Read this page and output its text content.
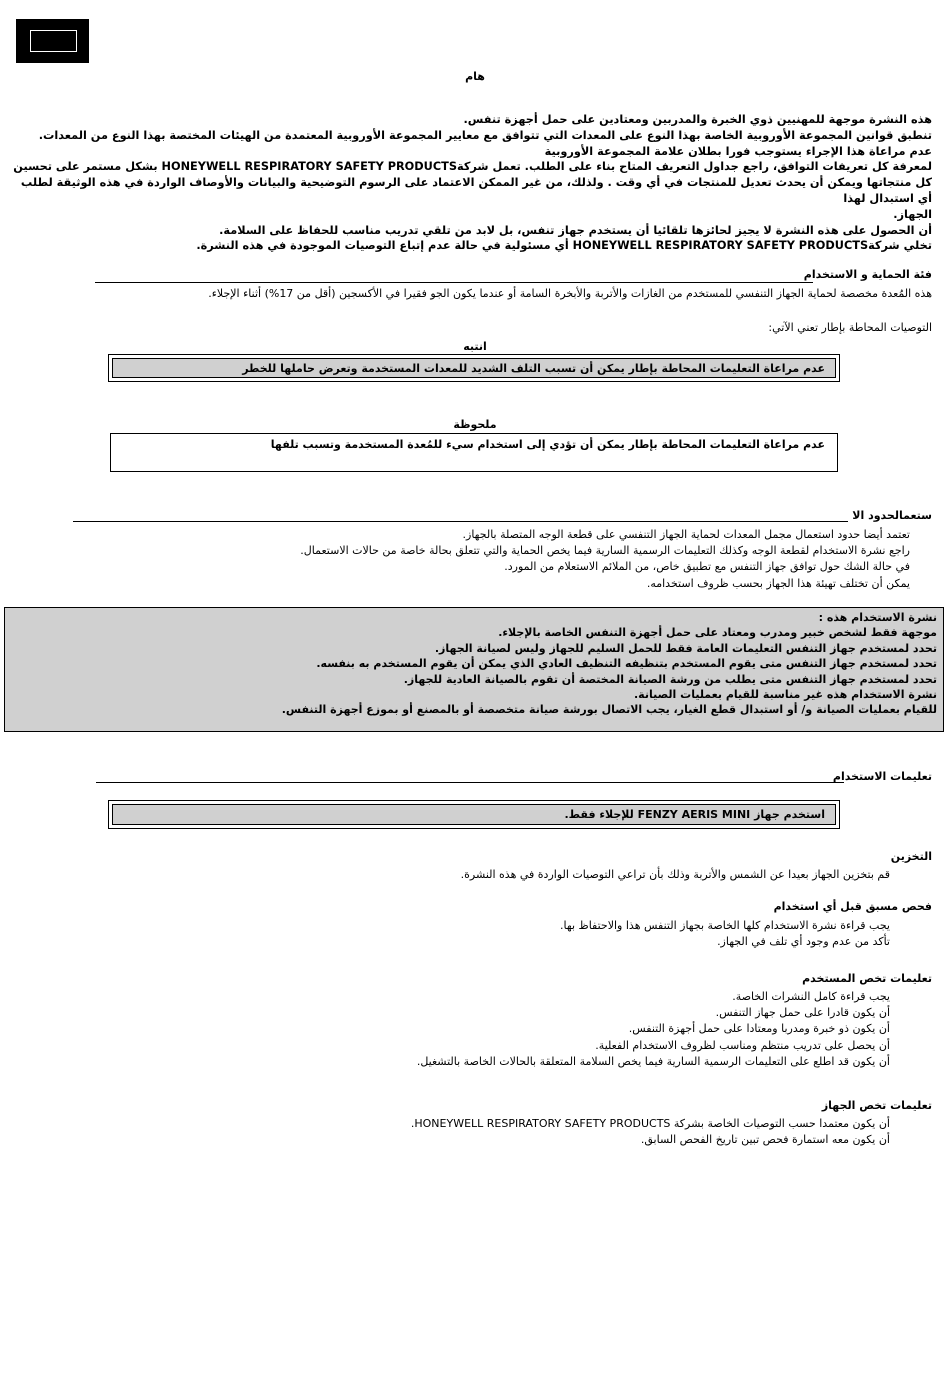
هام
هذه النشرة موجهة للمهنيين ذوي الخبرة والمدربين ومعتادين على حمل أجهزة تنفس.
تنطبق قوانين المجموعة الأوروبية الخاصة بهذا النوع على المعدات التي تتوافق مع معايير المجموعة الأوروبية المعتمدة من الهيئات المختصة بهذا النوع من المعدات.
عدم مراعاة هذا الإجراء يستوجب فورا بطلان علامة المجموعة الأوروبية
لمعرفة كل تعريفات التوافق، راجع جداول التعريف المتاح بناء على الطلب. تعمل شركةHONEYWELL RESPIRATORY SAFETY PRODUCTS بشكل مستمر على تحسين
كل منتجاتها ويمكن أن يحدث تعديل للمنتجات في أي وقت . ولذلك، من غير الممكن الاعتماد على الرسوم التوضيحية والبيانات والأوصاف الواردة في هذه الوثيقة لطلب أي استبدال لهذا
الجهاز.
أن الحصول على هذه النشرة لا يجيز لحائزها تلقائيا أن يستخدم جهاز تنفس، بل لابد من تلقي تدريب مناسب للحفاظ على السلامة.
تخلي شركةHONEYWELL RESPIRATORY SAFETY PRODUCTS أي مسئولية في حالة عدم إتباع التوصيات الموجودة في هذه النشرة.
فئة الحماية و الاستخدام
هذه المُعدة مخصصة لحماية الجهاز التنفسي للمستخدم من الغازات والأتربة والأبخرة السامة أو عندما يكون الجو فقيرا في الأكسجين (أقل من 17%) أثناء الإجلاء.
التوصيات المحاطة بإطار تعني الآتي:
انتبه
عدم مراعاة التعليمات المحاطة بإطار يمكن أن تسبب التلف الشديد للمعدات المستخدمة وتعرض حاملها للخطر
ملحوظة
عدم مراعاة التعليمات المحاطة بإطار يمكن أن تؤدي إلى استخدام سيء للمُعدة المستخدمة وتسبب تلفها
ستعمالحدود الا
تعتمد أيضا حدود استعمال مجمل المعدات لحماية الجهاز التنفسي على قطعة الوجه المتصلة بالجهاز.
راجع نشرة الاستخدام لقطعة الوجه وكذلك التعليمات الرسمية السارية فيما يخص الحماية والتي تتعلق بحالة خاصة من حالات الاستعمال.
في حالة الشك حول توافق جهاز التنفس مع تطبيق خاص، من الملائم الاستعلام من المورد.
يمكن أن تختلف تهيئة هذا الجهاز بحسب ظروف استخدامه.
نشرة الاستخدام هذه :
موجهة فقط لشخص خبير ومدرب ومعتاد على حمل أجهزة التنفس الخاصة بالإجلاء.
تحدد لمستخدم جهاز التنفس التعليمات العامة فقط للحمل السليم للجهاز وليس لصيانة الجهاز.
تحدد لمستخدم جهاز التنفس متى يقوم المستخدم بتنظيفه التنظيف العادي الذي يمكن أن يقوم المستخدم به بنفسه.
تحدد لمستخدم جهاز التنفس متى يطلب من ورشة الصيانة المختصة أن تقوم بالصيانة العادية للجهاز.
نشرة الاستخدام هذه غير مناسبة للقيام بعمليات الصيانة.
للقيام بعمليات الصيانة و/ أو استبدال قطع الغيار، يجب الاتصال بورشة صيانة متخصصة أو بالمصنع أو بموزع أجهزة التنفس.
تعليمات الاستخدام
استخدم جهاز FENZY AERIS MINI للإجلاء فقط.
التخزين
قم بتخزين الجهاز بعيدا عن الشمس والأتربة وذلك بأن تراعي التوصيات الواردة في هذه النشرة.
فحص مسبق قبل أي استخدام
يجب قراءة نشرة الاستخدام كلها الخاصة بجهاز التنفس هذا والاحتفاظ بها.
تأكد من عدم وجود أي تلف في الجهاز.
تعليمات تخص المستخدم
يجب قراءة كامل النشرات الخاصة.
أن يكون قادرا على حمل جهاز التنفس.
أن يكون ذو خبرة ومدربا ومعتادا على حمل أجهزة التنفس.
أن يحصل على تدريب منتظم ومناسب لظروف الاستخدام الفعلية.
أن يكون قد اطلع على التعليمات الرسمية السارية فيما يخص السلامة المتعلقة بالحالات الخاصة بالتشغيل.
تعليمات تخص الجهاز
أن يكون معتمدا حسب التوصيات الخاصة بشركة HONEYWELL RESPIRATORY SAFETY PRODUCTS.
أن يكون معه استمارة فحص تبين تاريخ الفحص السابق.
